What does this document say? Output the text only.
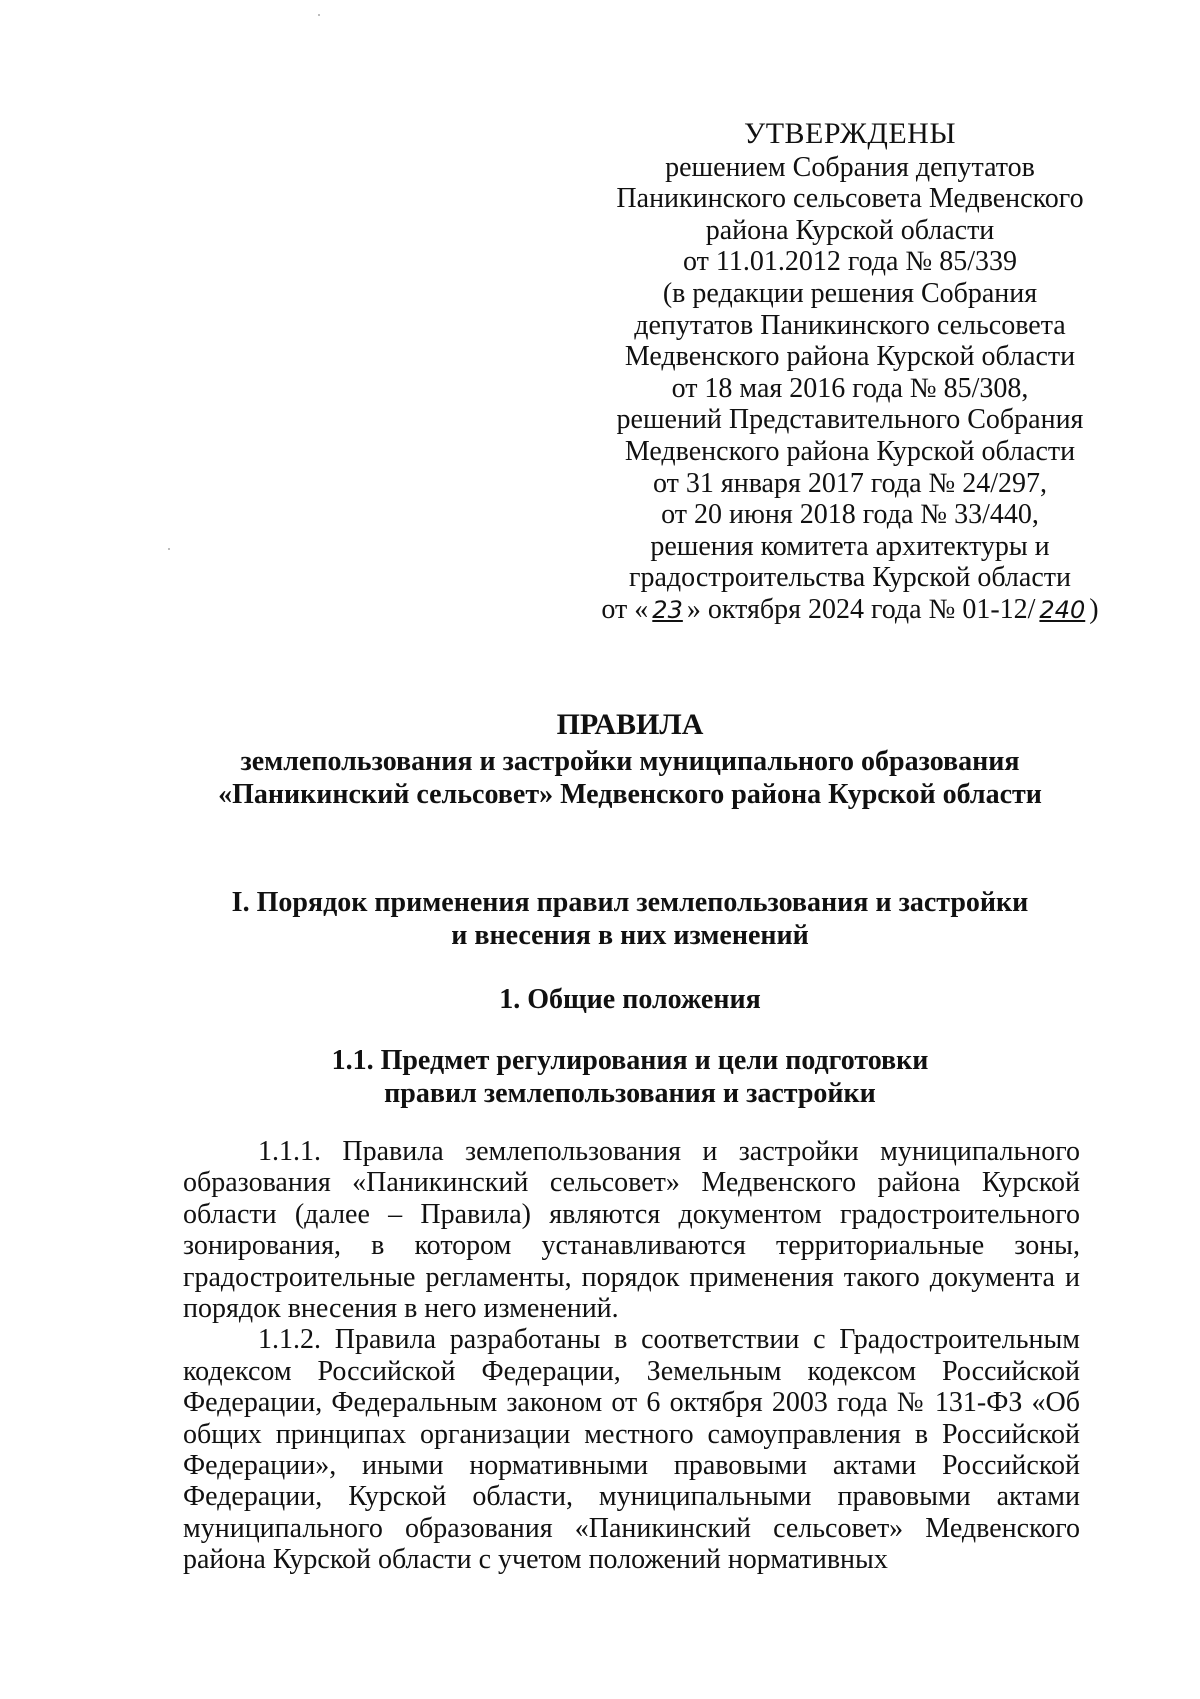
УТВЕРЖДЕНЫ
решением Собрания депутатов
Паникинского сельсовета Медвенского
района Курской области
от 11.01.2012 года № 85/339
(в редакции решения Собрания
депутатов Паникинского сельсовета
Медвенского района Курской области
от 18 мая 2016 года № 85/308,
решений Представительного Собрания
Медвенского района Курской области
от 31 января 2017 года № 24/297,
от 20 июня 2018 года № 33/440,
решения комитета архитектуры и
градостроительства Курской области
от « 23 » октября 2024 года № 01-12/ 240 )
ПРАВИЛА
землепользования и застройки муниципального образования
«Паникинский сельсовет» Медвенского района Курской области
I. Порядок применения правил землепользования и застройки
и внесения в них изменений
1. Общие положения
1.1. Предмет регулирования и цели подготовки
правил землепользования и застройки

1.1.1. Правила землепользования и застройки муниципального образования «Паникинский сельсовет» Медвенского района Курской области (далее – Правила) являются документом градостроительного зонирования, в котором устанавливаются территориальные зоны, градостроительные регламенты, порядок применения такого документа и порядок внесения в него изменений.

1.1.2. Правила разработаны в соответствии с Градостроительным кодексом Российской Федерации, Земельным кодексом Российской Федерации, Федеральным законом от 6 октября 2003 года № 131-ФЗ «Об общих принципах организации местного самоуправления в Российской Федерации», иными нормативными правовыми актами Российской Федерации, Курской области, муниципальными правовыми актами муниципального образования «Паникинский сельсовет» Медвенского района Курской области с учетом положений нормативных
